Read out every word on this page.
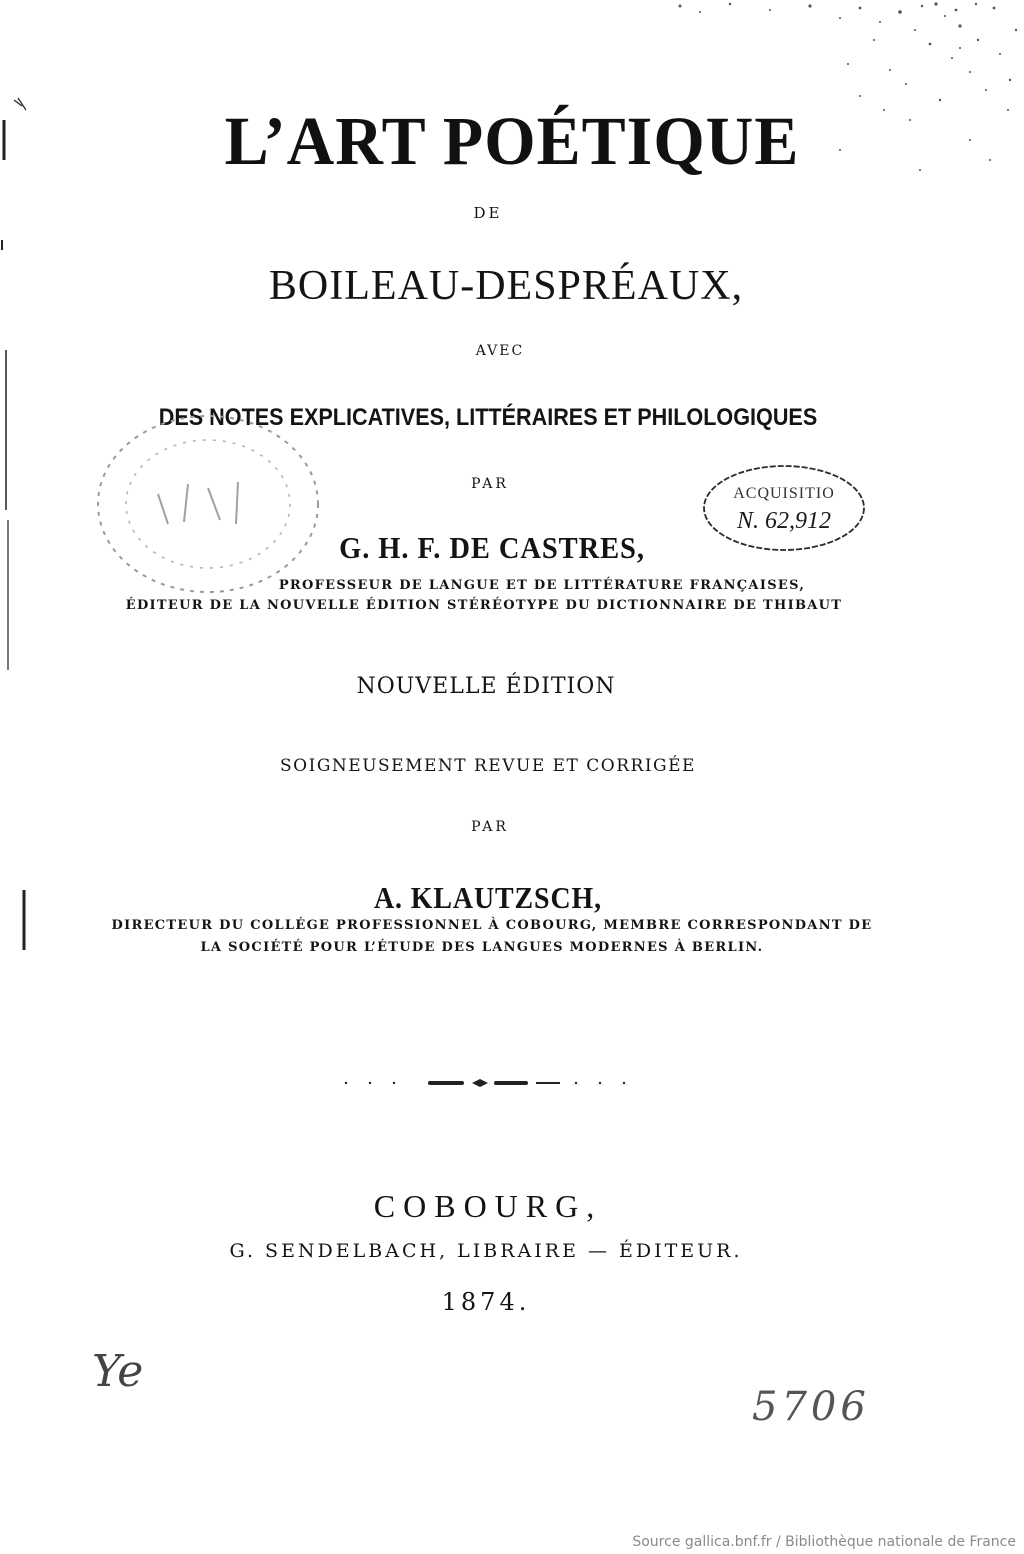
L’ART POÉTIQUE
DE
BOILEAU-DESPRÉAUX,
AVEC
DES NOTES EXPLICATIVES, LITTÉRAIRES ET PHILOLOGIQUES
PAR
G. H. F. DE CASTRES,
PROFESSEUR DE LANGUE ET DE LITTÉRATURE FRANÇAISES,
ÉDITEUR DE LA NOUVELLE ÉDITION STÉRÉOTYPE DU DICTIONNAIRE DE THIBAUT
ACQUISITIO
N. 62,912
NOUVELLE ÉDITION
SOIGNEUSEMENT REVUE ET CORRIGÉE
PAR
A. KLAUTZSCH,
DIRECTEUR DU COLLÉGE PROFESSIONNEL À COBOURG, MEMBRE CORRESPONDANT DE
LA SOCIÉTÉ POUR L’ÉTUDE DES LANGUES MODERNES À BERLIN.
COBOURG,
G. SENDELBACH, LIBRAIRE — ÉDITEUR.
1874.
Ye
5706
Source gallica.bnf.fr / Bibliothèque nationale de France
